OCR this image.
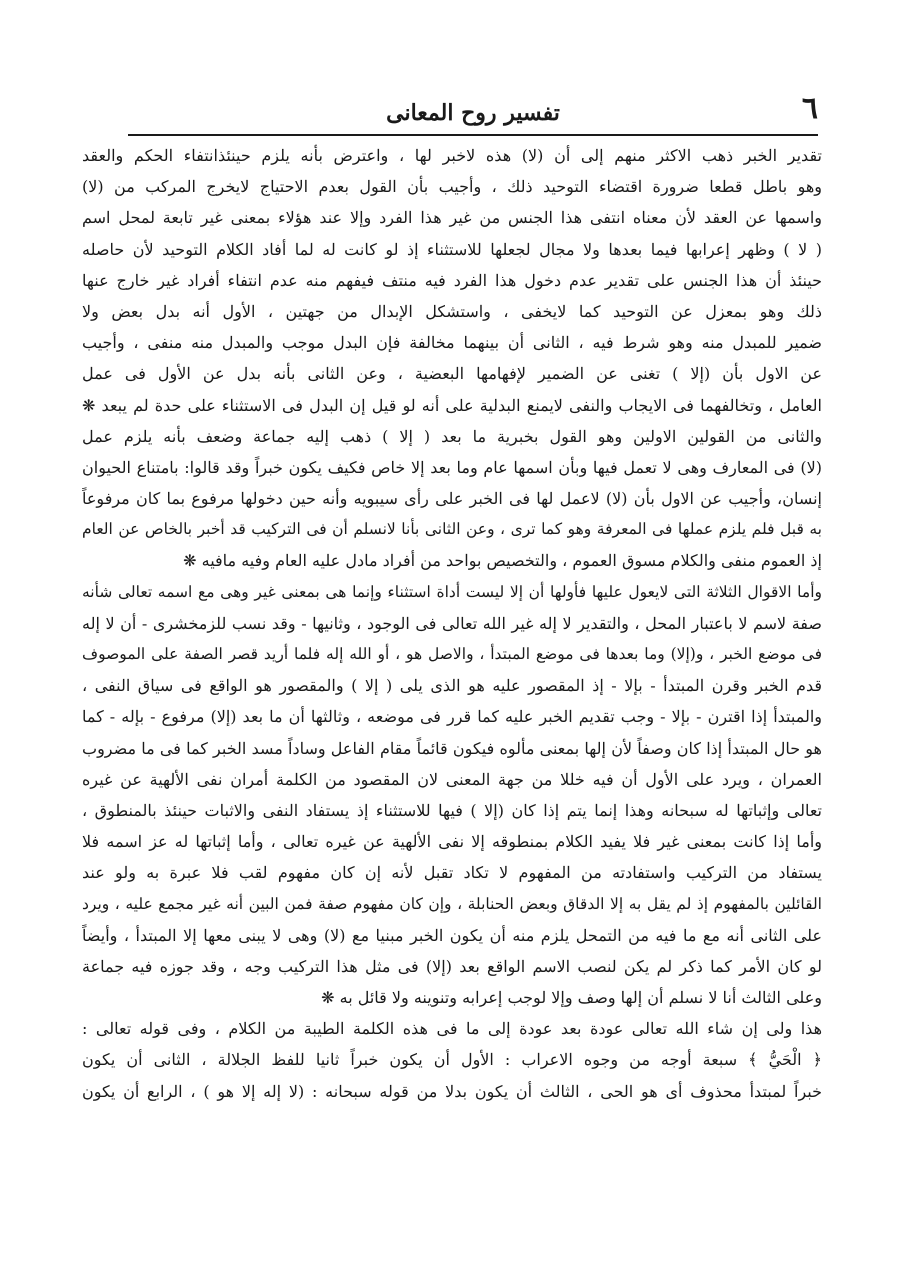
٦
تفسير روح المعانى
تقدير الخبر ذهب الاكثر منهم إلى أن (لا) هذه لاخبر لها ، واعترض بأنه يلزم حينئذانتفاء الحكم والعقد
وهو باطل قطعا ضرورة اقتضاء التوحيد ذلك ، وأجيب بأن القول بعدم الاحتياج لايخرج المركب من (لا)
واسمها عن العقد لأن معناه انتفى هذا الجنس من غير هذا الفرد وإلا عند هؤلاء بمعنى غير تابعة لمحل اسم
( لا ) وظهر إعرابها فيما بعدها ولا مجال لجعلها للاستثناء إذ لو كانت له لما أفاد الكلام التوحيد لأن حاصله
حينئذ أن هذا الجنس على تقدير عدم دخول هذا الفرد فيه منتف فيفهم منه عدم انتفاء أفراد غير خارج عنها
ذلك وهو بمعزل عن التوحيد كما لايخفى ، واستشكل الإبدال من جهتين ، الأول أنه بدل بعض ولا
ضمير للمبدل منه وهو شرط فيه ، الثانى أن بينهما مخالفة فإن البدل موجب والمبدل منه منفى ، وأجيب
عن الاول بأن (إلا ) تغنى عن الضمير لإفهامها البعضية ، وعن الثانى بأنه بدل عن الأول فى عمل
العامل ، وتخالفهما فى الايجاب والنفى لايمنع البدلية على أنه لو قيل إن البدل فى الاستثناء على حدة لم يبعد ❋
والثانى من القولين الاولين وهو القول بخبرية ما بعد ( إلا ) ذهب إليه جماعة وضعف بأنه يلزم عمل
(لا) فى المعارف وهى لا تعمل فيها وبأن اسمها عام وما بعد إلا خاص فكيف يكون خبراً وقد قالوا: بامتناع الحيوان
إنسان، وأجيب عن الاول بأن (لا) لاعمل لها فى الخبر على رأى سيبويه وأنه حين دخولها مرفوع بما كان مرفوعاً
به قبل فلم يلزم عملها فى المعرفة وهو كما ترى ، وعن الثانى بأنا لانسلم أن فى التركيب قد أخبر بالخاص عن العام
إذ العموم منفى والكلام مسوق العموم ، والتخصيص بواحد من أفراد مادل عليه العام وفيه مافيه ❋
وأما الاقوال الثلاثة التى لايعول عليها فأولها أن إلا ليست أداة استثناء وإنما هى بمعنى غير وهى مع اسمه تعالى شأنه
صفة لاسم لا باعتبار المحل ، والتقدير لا إله غير الله تعالى فى الوجود ، وثانيها - وقد نسب للزمخشرى - أن لا إله
فى موضع الخبر ، و(إلا) وما بعدها فى موضع المبتدأ ، والاصل هو ، أو الله إله فلما أريد قصر الصفة على الموصوف
قدم الخبر وقرن المبتدأ - بإلا - إذ المقصور عليه هو الذى يلى ( إلا ) والمقصور هو الواقع فى سياق النفى ،
والمبتدأ إذا اقترن - بإلا - وجب تقديم الخبر عليه كما قرر فى موضعه ، وثالثها أن ما بعد (إلا) مرفوع - بإله - كما
هو حال المبتدأ إذا كان وصفاً لأن إلها بمعنى مألوه فيكون قائماً مقام الفاعل وساداً مسد الخبر كما فى ما مضروب
العمران ، ويرد على الأول أن فيه خللا من جهة المعنى لان المقصود من الكلمة أمران نفى الألهية عن غيره
تعالى وإثباتها له سبحانه وهذا إنما يتم إذا كان (إلا ) فيها للاستثناء إذ يستفاد النفى والاثبات حينئذ بالمنطوق ،
وأما إذا كانت بمعنى غير فلا يفيد الكلام بمنطوقه إلا نفى الألهية عن غيره تعالى ، وأما إثباتها له عز اسمه فلا
يستفاد من التركيب واستفادته من المفهوم لا تكاد تقبل لأنه إن كان مفهوم لقب فلا عبرة به ولو عند
القائلين بالمفهوم إذ لم يقل به إلا الدقاق وبعض الحنابلة ، وإن كان مفهوم صفة فمن البين أنه غير مجمع عليه ، ويرد
على الثانى أنه مع ما فيه من التمحل يلزم منه أن يكون الخبر مبنيا مع (لا) وهى لا يبنى معها إلا المبتدأ ، وأيضاً
لو كان الأمر كما ذكر لم يكن لنصب الاسم الواقع بعد (إلا) فى مثل هذا التركيب وجه ، وقد جوزه فيه جماعة
وعلى الثالث أنا لا نسلم أن إلها وصف وإلا لوجب إعرابه وتنوينه ولا قائل به ❋
هذا ولى إن شاء الله تعالى عودة بعد عودة إلى ما فى هذه الكلمة الطيبة من الكلام ، وفى قوله تعالى :
﴿ الْحَيُّ ﴾ سبعة أوجه من وجوه الاعراب : الأول أن يكون خبراً ثانيا للفظ الجلالة ، الثانى أن يكون
خبراً لمبتدأ محذوف أى هو الحى ، الثالث أن يكون بدلا من قوله سبحانه : (لا إله إلا هو ) ، الرابع أن يكون
